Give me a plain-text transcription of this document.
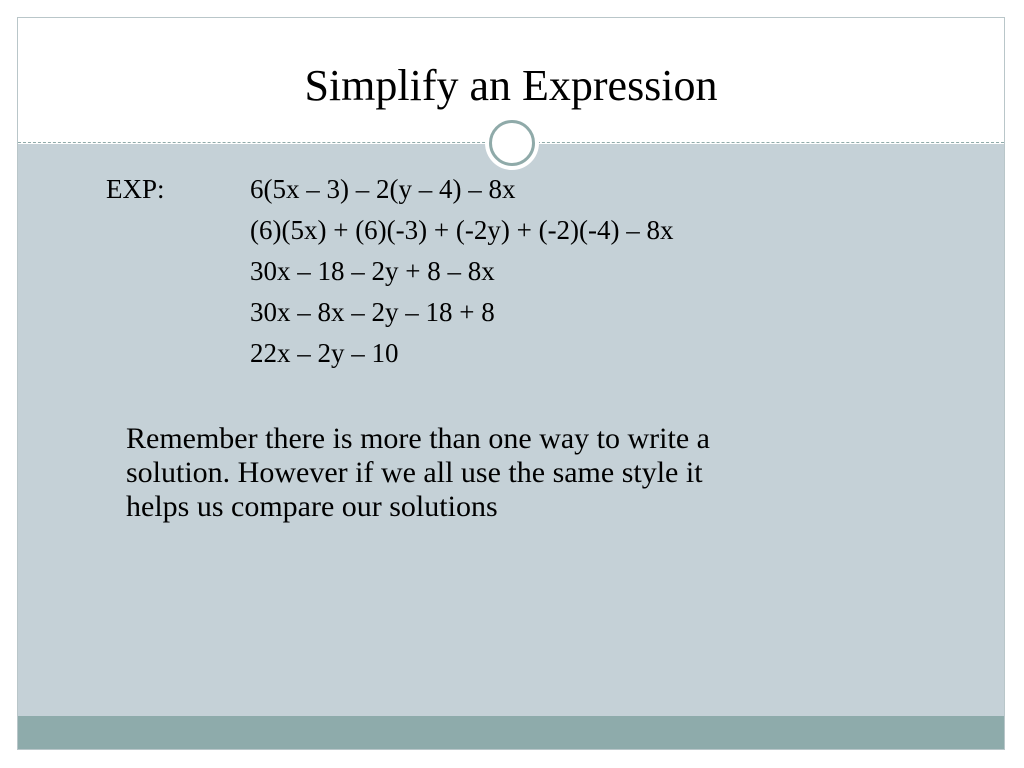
Simplify an Expression
EXP:	6(5x – 3) – 2(y – 4) – 8x
(6)(5x) + (6)(-3) + (-2y) + (-2)(-4) – 8x
30x – 18 – 2y + 8 – 8x
30x – 8x – 2y – 18 + 8
22x – 2y – 10
Remember there is more than one way to write a
solution. However if we all use the same style it
helps us compare our solutions
